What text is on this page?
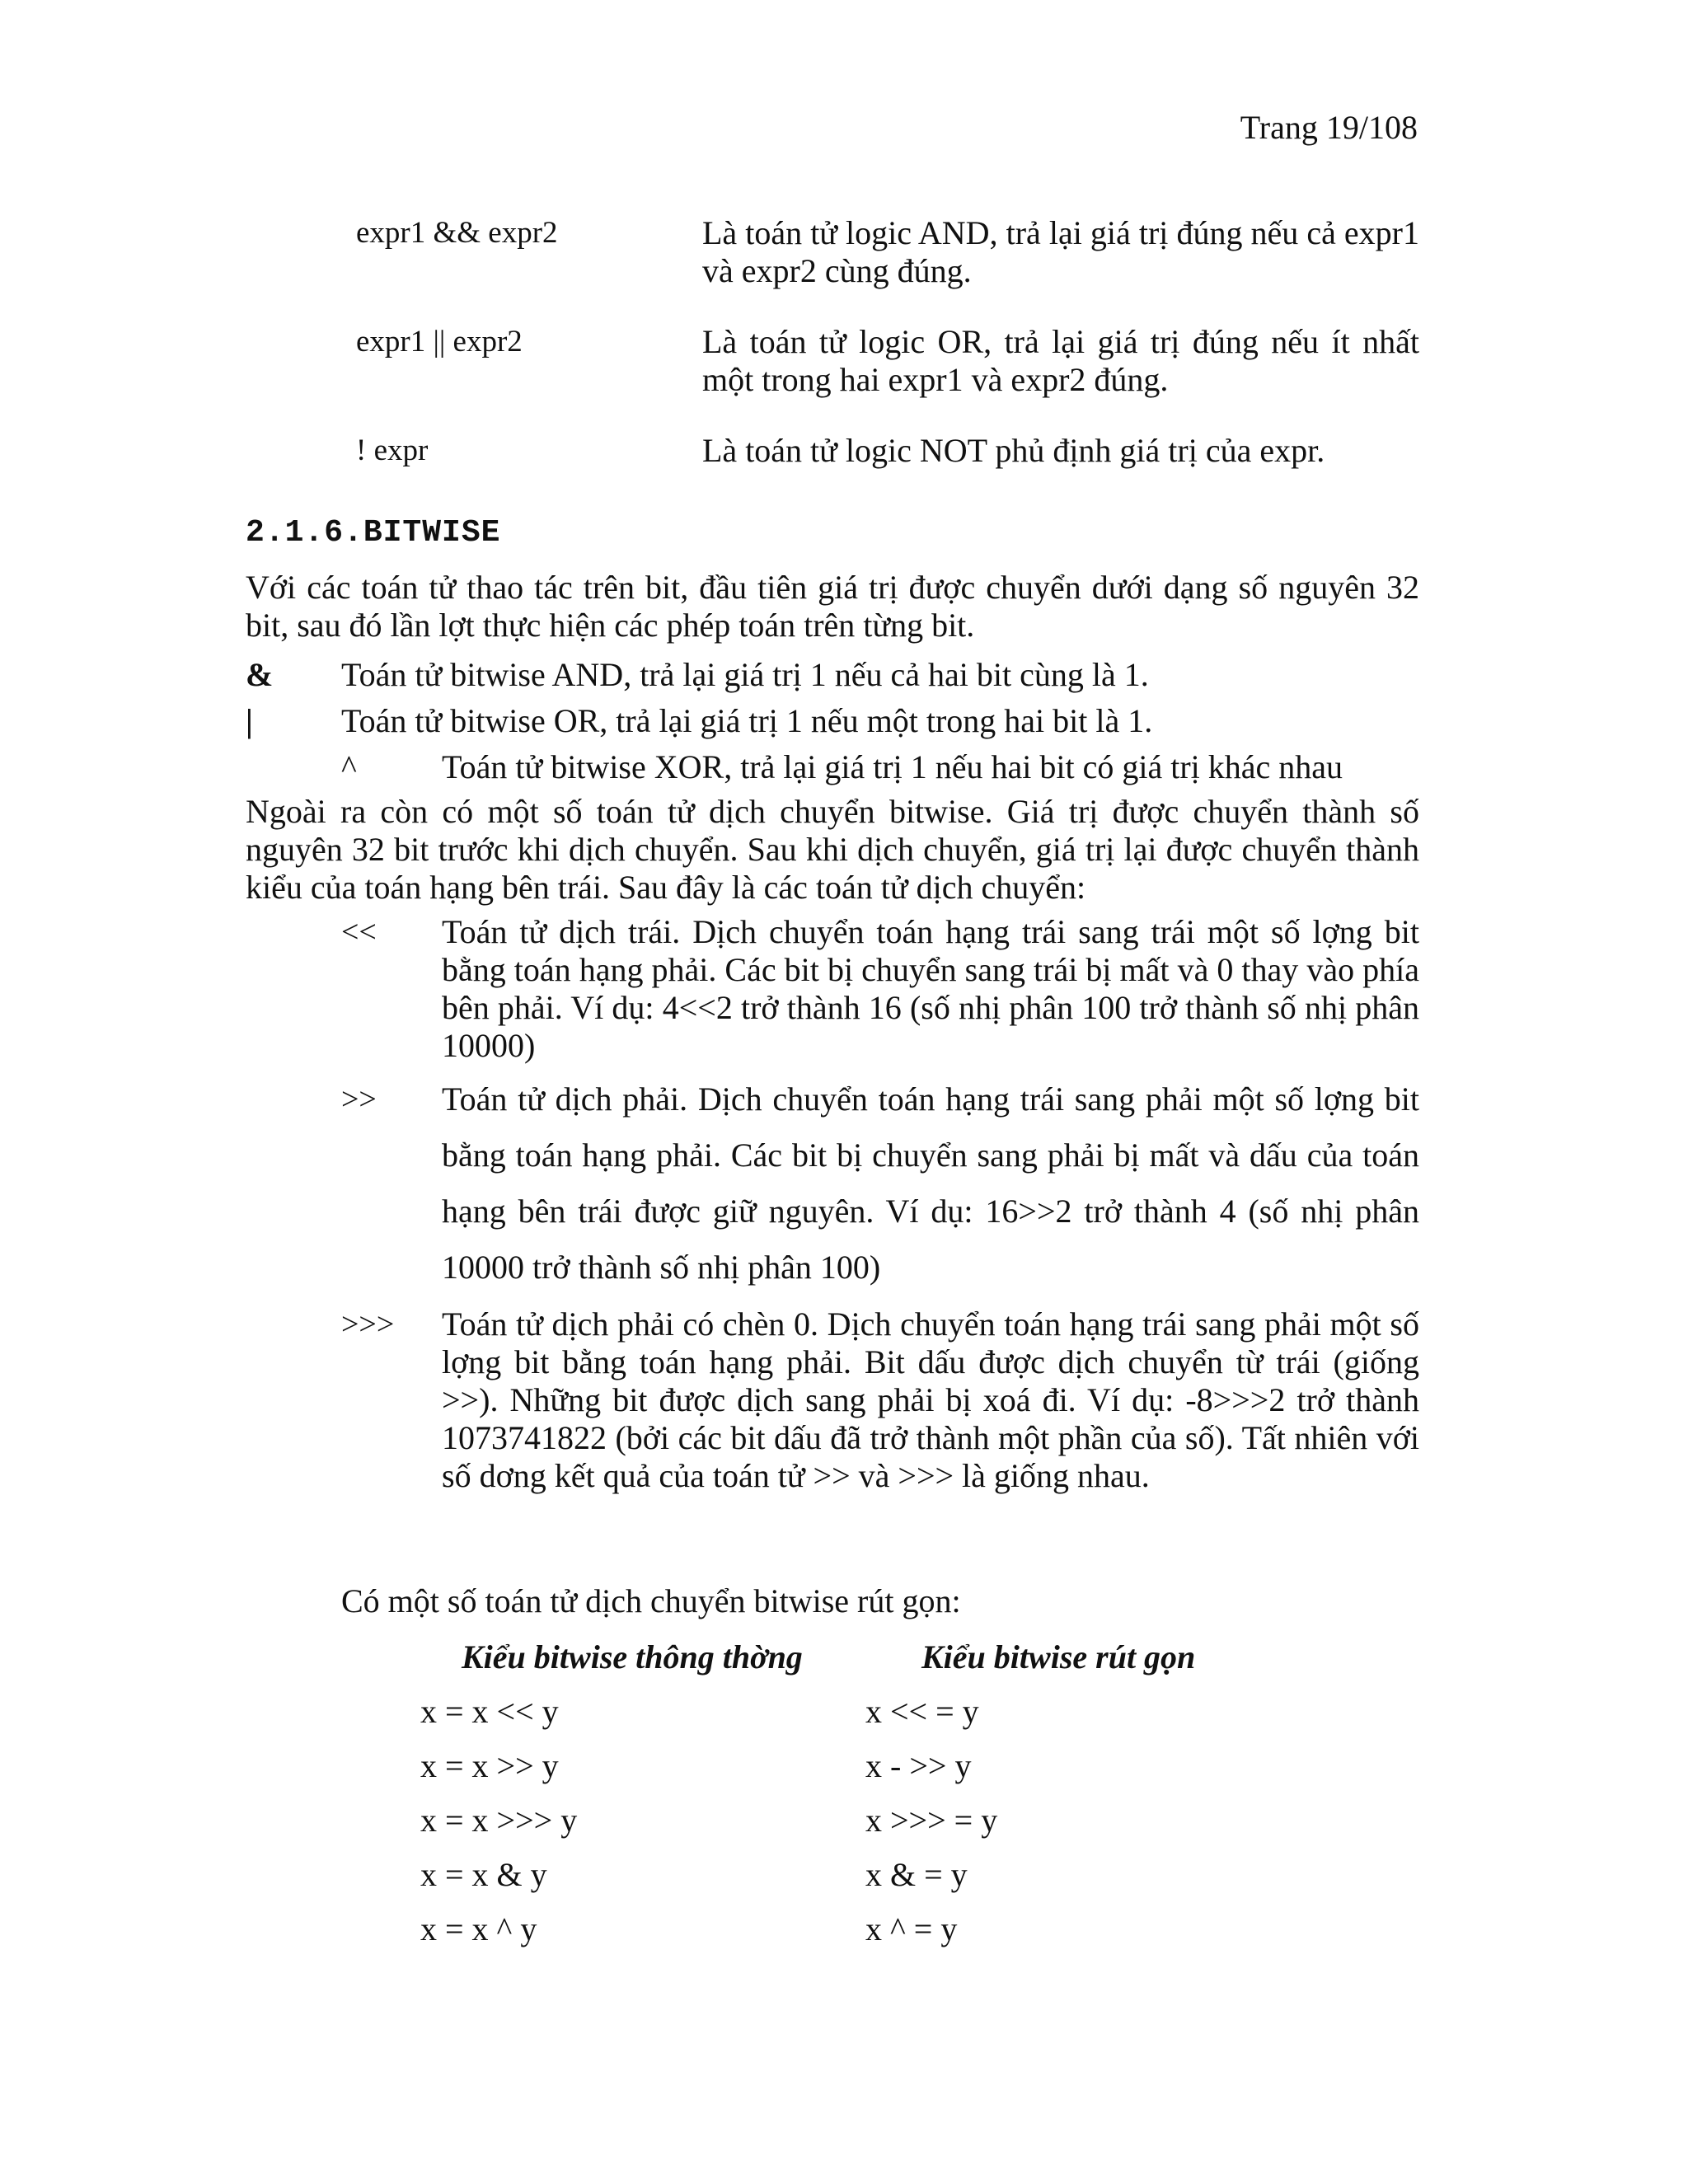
Trang 19/108
expr1 && expr2	Là toán tử logic AND, trả lại giá trị đúng nếu cả expr1 và expr2 cùng đúng.
expr1 || expr2	Là toán tử logic OR, trả lại giá trị đúng nếu ít nhất một trong hai expr1 và expr2 đúng.
! expr	Là toán tử logic NOT phủ định giá trị của expr.
2.1.6.BITWISE
Với các toán tử thao tác trên bit, đầu tiên giá trị được chuyển dưới dạng số nguyên 32 bit, sau đó lần lợt thực hiện các phép toán trên từng bit.
&	Toán tử bitwise AND, trả lại giá trị 1 nếu cả hai bit cùng là 1.
|	Toán tử bitwise OR, trả lại giá trị 1 nếu một trong hai bit là 1.
^	Toán tử bitwise XOR, trả lại giá trị 1 nếu hai bit có giá trị khác nhau
Ngoài ra còn có một số toán tử dịch chuyển bitwise. Giá trị được chuyển thành số nguyên 32 bit trước khi dịch chuyển. Sau khi dịch chuyển, giá trị lại được chuyển thành kiểu của toán hạng bên trái. Sau đây là các toán tử dịch chuyển:
<<	Toán tử dịch trái. Dịch chuyển toán hạng trái sang trái một số lợng bit bằng toán hạng phải. Các bit bị chuyển sang trái bị mất và 0 thay vào phía bên phải. Ví dụ: 4<<2 trở thành 16 (số nhị phân 100 trở thành số nhị phân 10000)
>>	Toán tử dịch phải. Dịch chuyển toán hạng trái sang phải một số lợng bit bằng toán hạng phải. Các bit bị chuyển sang phải bị mất và dấu của toán hạng bên trái được giữ nguyên. Ví dụ: 16>>2 trở thành 4 (số nhị phân 10000 trở thành số nhị phân 100)
>>>	Toán tử dịch phải có chèn 0. Dịch chuyển toán hạng trái sang phải một số lợng bit bằng toán hạng phải. Bit dấu được dịch chuyển từ trái (giống >>). Những bit được dịch sang phải bị xoá đi. Ví dụ: -8>>>2 trở thành 1073741822 (bởi các bit dấu đã trở thành một phần của số). Tất nhiên với số dơng kết quả của toán tử >> và >>> là giống nhau.
Có một số toán tử dịch chuyển bitwise rút gọn:
Kiểu bitwise thông thờng	Kiểu bitwise rút gọn
x = x << y	x << = y
x = x >> y	x - >> y
x = x >>> y	x >>> = y
x = x & y	x & = y
x = x ^ y	x ^ = y
